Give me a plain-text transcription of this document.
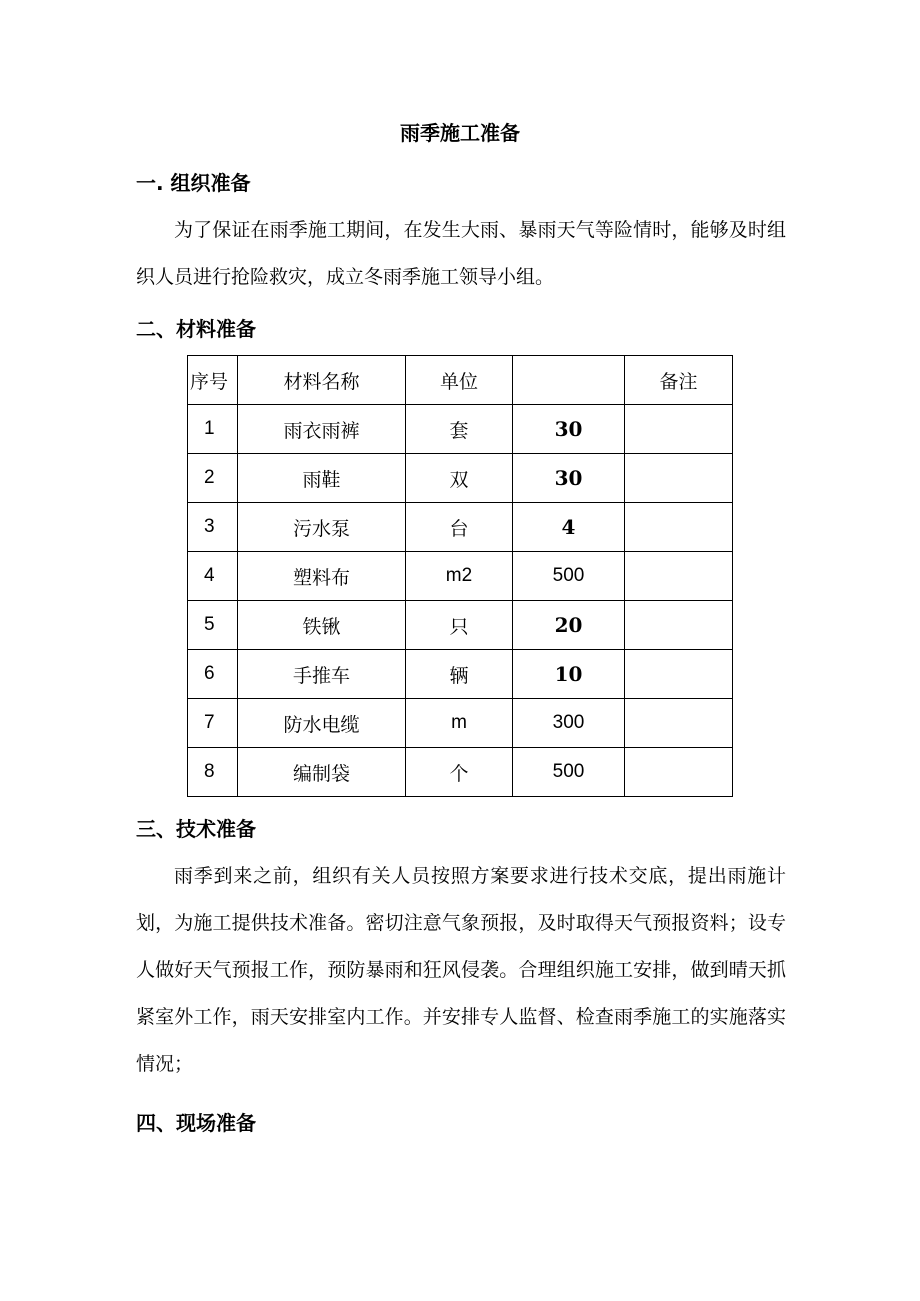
雨季施工准备
一. 组织准备

为了保证在雨季施工期间，在发生大雨、暴雨天气等险情时，能够及时组织人员进行抢险救灾，成立冬雨季施工领导小组。

二、材料准备
序号	材料名称	单位		备注
1	雨衣雨裤	套	30	
2	雨鞋	双	30	
3	污水泵	台	4	
4	塑料布	m2	500	
5	铁锹	只	20	
6	手推车	辆	10	
7	防水电缆	m	300	
8	编制袋	个	500	
三、技术准备

雨季到来之前，组织有关人员按照方案要求进行技术交底，提出雨施计划，为施工提供技术准备。密切注意气象预报，及时取得天气预报资料；设专人做好天气预报工作，预防暴雨和狂风侵袭。合理组织施工安排，做到晴天抓紧室外工作，雨天安排室内工作。并安排专人监督、检查雨季施工的实施落实情况；

四、现场准备
